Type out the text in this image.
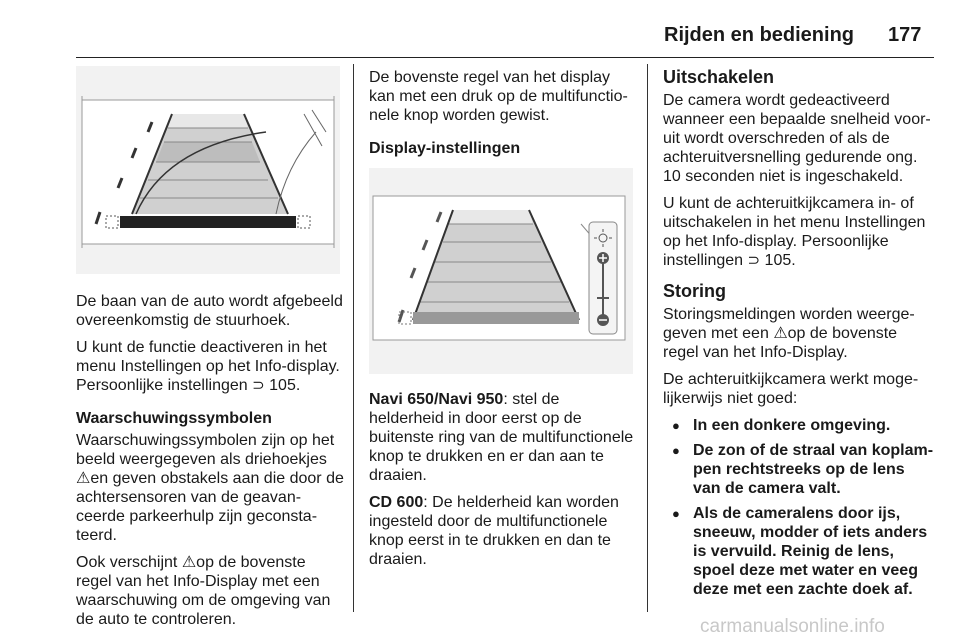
Rijden en bediening 177

De baan van de auto wordt afgebeeld overeenkomstig de stuurhoek.

U kunt de functie deactiveren in het menu Instellingen op het Info-display. Persoonlijke instellingen ⊃ 105.

Waarschuwingssymbolen

Waarschuwingssymbolen zijn op het beeld weergegeven als driehoekjes ⚠en geven obstakels aan die door de achtersensoren van de geavan-ceerde parkeerhulp zijn geconsta-teerd.

Ook verschijnt ⚠op de bovenste regel van het Info-Display met een waarschuwing om de omgeving van de auto te controleren.

De bovenste regel van het display kan met een druk op de multifunctio-nele knop worden gewist.

Display-instellingen

Navi 650/Navi 950: stel de helderheid in door eerst op de buitenste ring van de multifunctionele knop te drukken en er dan aan te draaien.

CD 600: De helderheid kan worden ingesteld door de multifunctionele knop eerst in te drukken en dan te draaien.

Uitschakelen

De camera wordt gedeactiveerd wanneer een bepaalde snelheid voor-uit wordt overschreden of als de achteruitversnelling gedurende ong. 10 seconden niet is ingeschakeld.

U kunt de achteruitkijkcamera in- of uitschakelen in het menu Instellingen op het Info-display. Persoonlijke instellingen ⊃ 105.

Storing

Storingsmeldingen worden weerge-geven met een ⚠op de bovenste regel van het Info-Display.

De achteruitkijkcamera werkt moge-lijkerwijs niet goed:

● In een donkere omgeving.
● De zon of de straal van koplam-pen rechtstreeks op de lens van de camera valt.
● Als de cameralens door ijs, sneeuw, modder of iets anders is vervuild. Reinig de lens, spoel deze met water en veeg deze met een zachte doek af.
carmanualsonline.info
